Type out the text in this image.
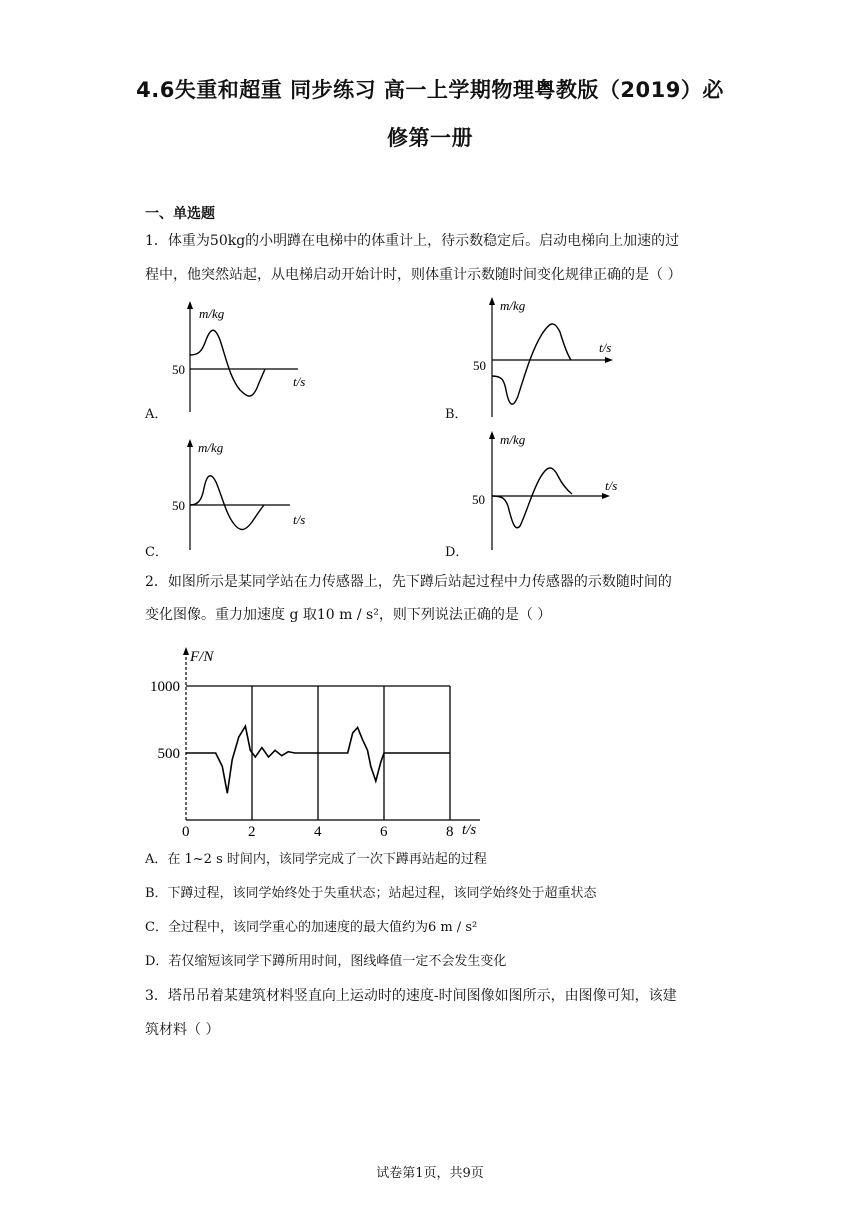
4.6失重和超重 同步练习 高一上学期物理粤教版（2019）必
修第一册
一、单选题
1．体重为50kg的小明蹲在电梯中的体重计上，待示数稳定后。启动电梯向上加速的过
程中，他突然站起，从电梯启动开始计时，则体重计示数随时间变化规律正确的是（ ）
m/kg
t/s
50
A．
m/kg
t/s
50
B．
m/kg
t/s
50
C．
m/kg
t/s
50
D．
2．如图所示是某同学站在力传感器上，先下蹲后站起过程中力传感器的示数随时间的
变化图像。重力加速度 g 取10 m / s²，则下列说法正确的是（ ）
F/N
t/s
0	2	4	6	8
500
1000
A．在 1~2 s 时间内，该同学完成了一次下蹲再站起的过程
B．下蹲过程，该同学始终处于失重状态；站起过程，该同学始终处于超重状态
C．全过程中，该同学重心的加速度的最大值约为6 m / s²
D．若仅缩短该同学下蹲所用时间，图线峰值一定不会发生变化
3．塔吊吊着某建筑材料竖直向上运动时的速度-时间图像如图所示，由图像可知，该建
筑材料（ ）
试卷第1页，共9页
